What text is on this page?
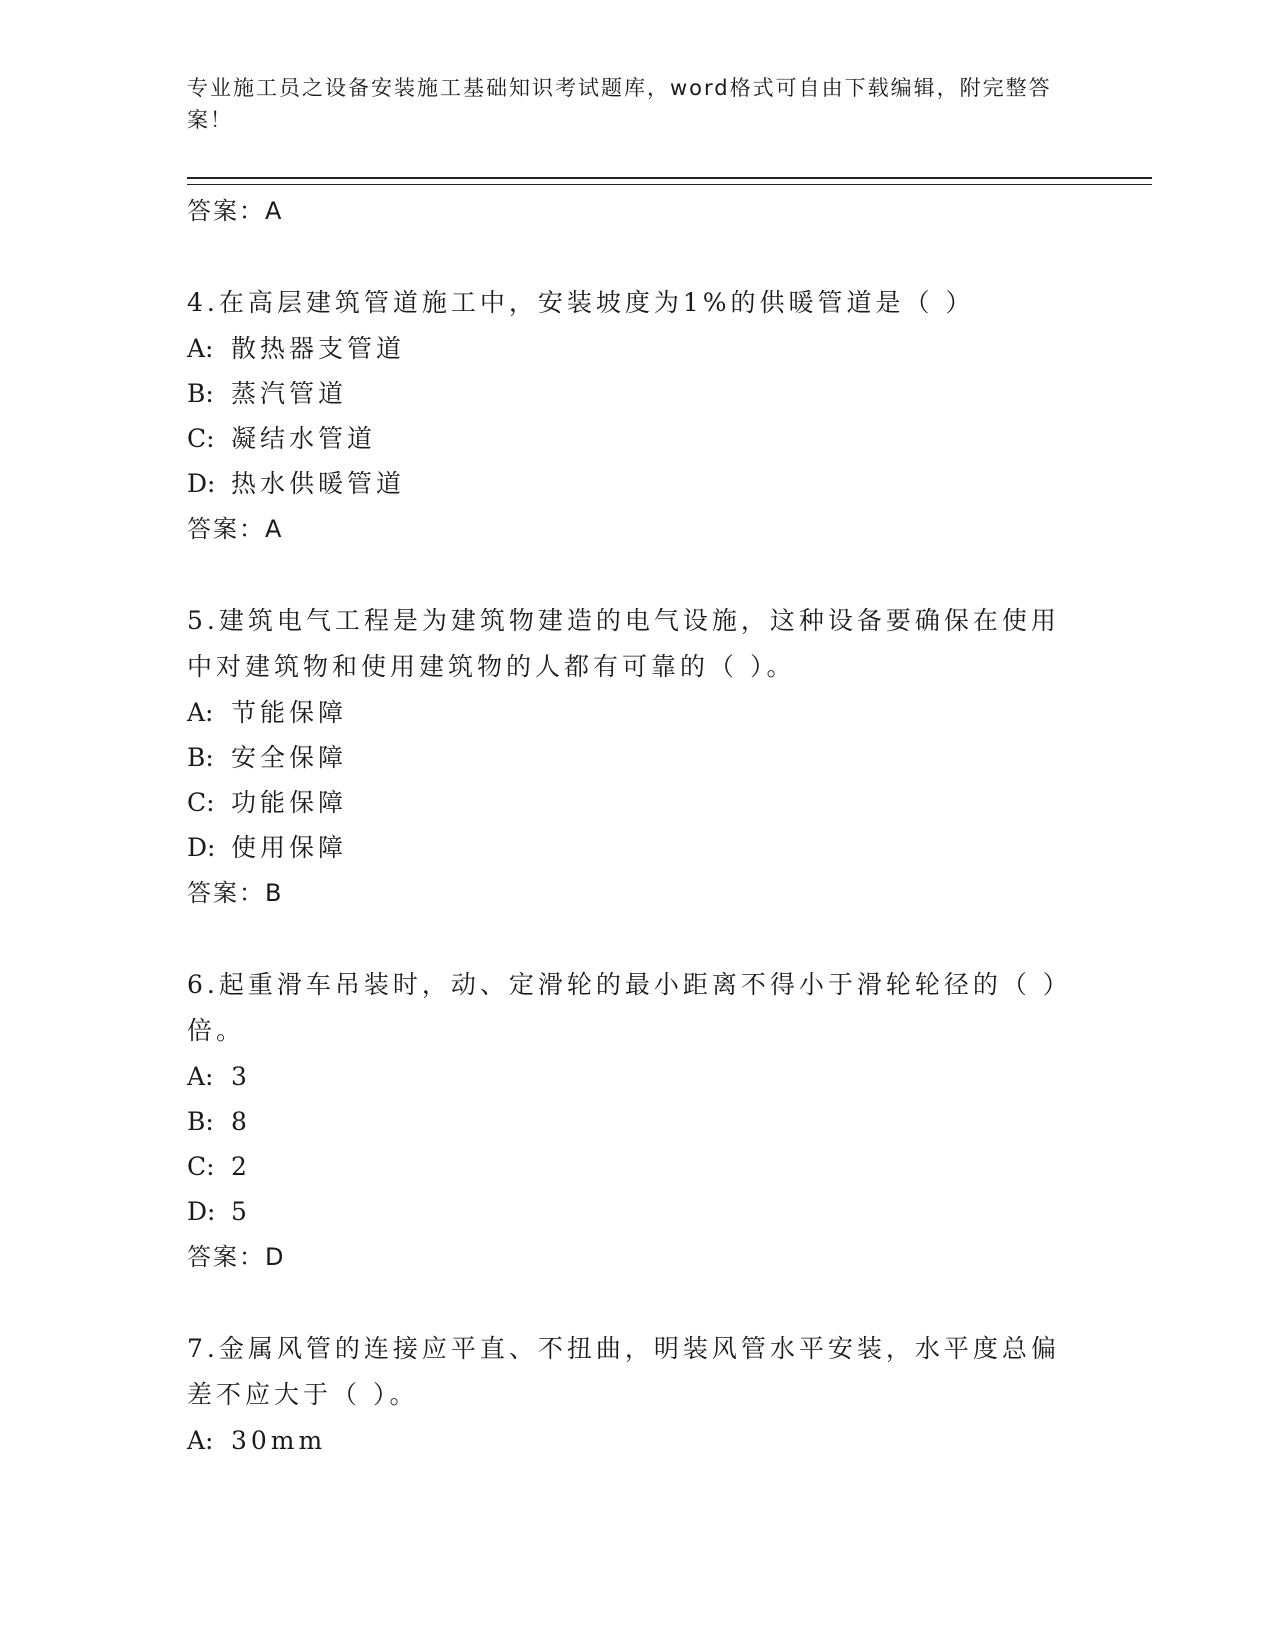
专业施工员之设备安装施工基础知识考试题库，word格式可自由下载编辑，附完整答案！
答案：A
4.在高层建筑管道施工中，安装坡度为1%的供暖管道是（ ）
A: 散热器支管道
B: 蒸汽管道
C: 凝结水管道
D: 热水供暖管道
答案：A
5.建筑电气工程是为建筑物建造的电气设施，这种设备要确保在使用中对建筑物和使用建筑物的人都有可靠的（ ）。
A: 节能保障
B: 安全保障
C: 功能保障
D: 使用保障
答案：B
6.起重滑车吊装时，动、定滑轮的最小距离不得小于滑轮轮径的（ ）倍。
A: 3
B: 8
C: 2
D: 5
答案：D
7.金属风管的连接应平直、不扭曲，明装风管水平安装，水平度总偏差不应大于（ ）。
A: 30mm
